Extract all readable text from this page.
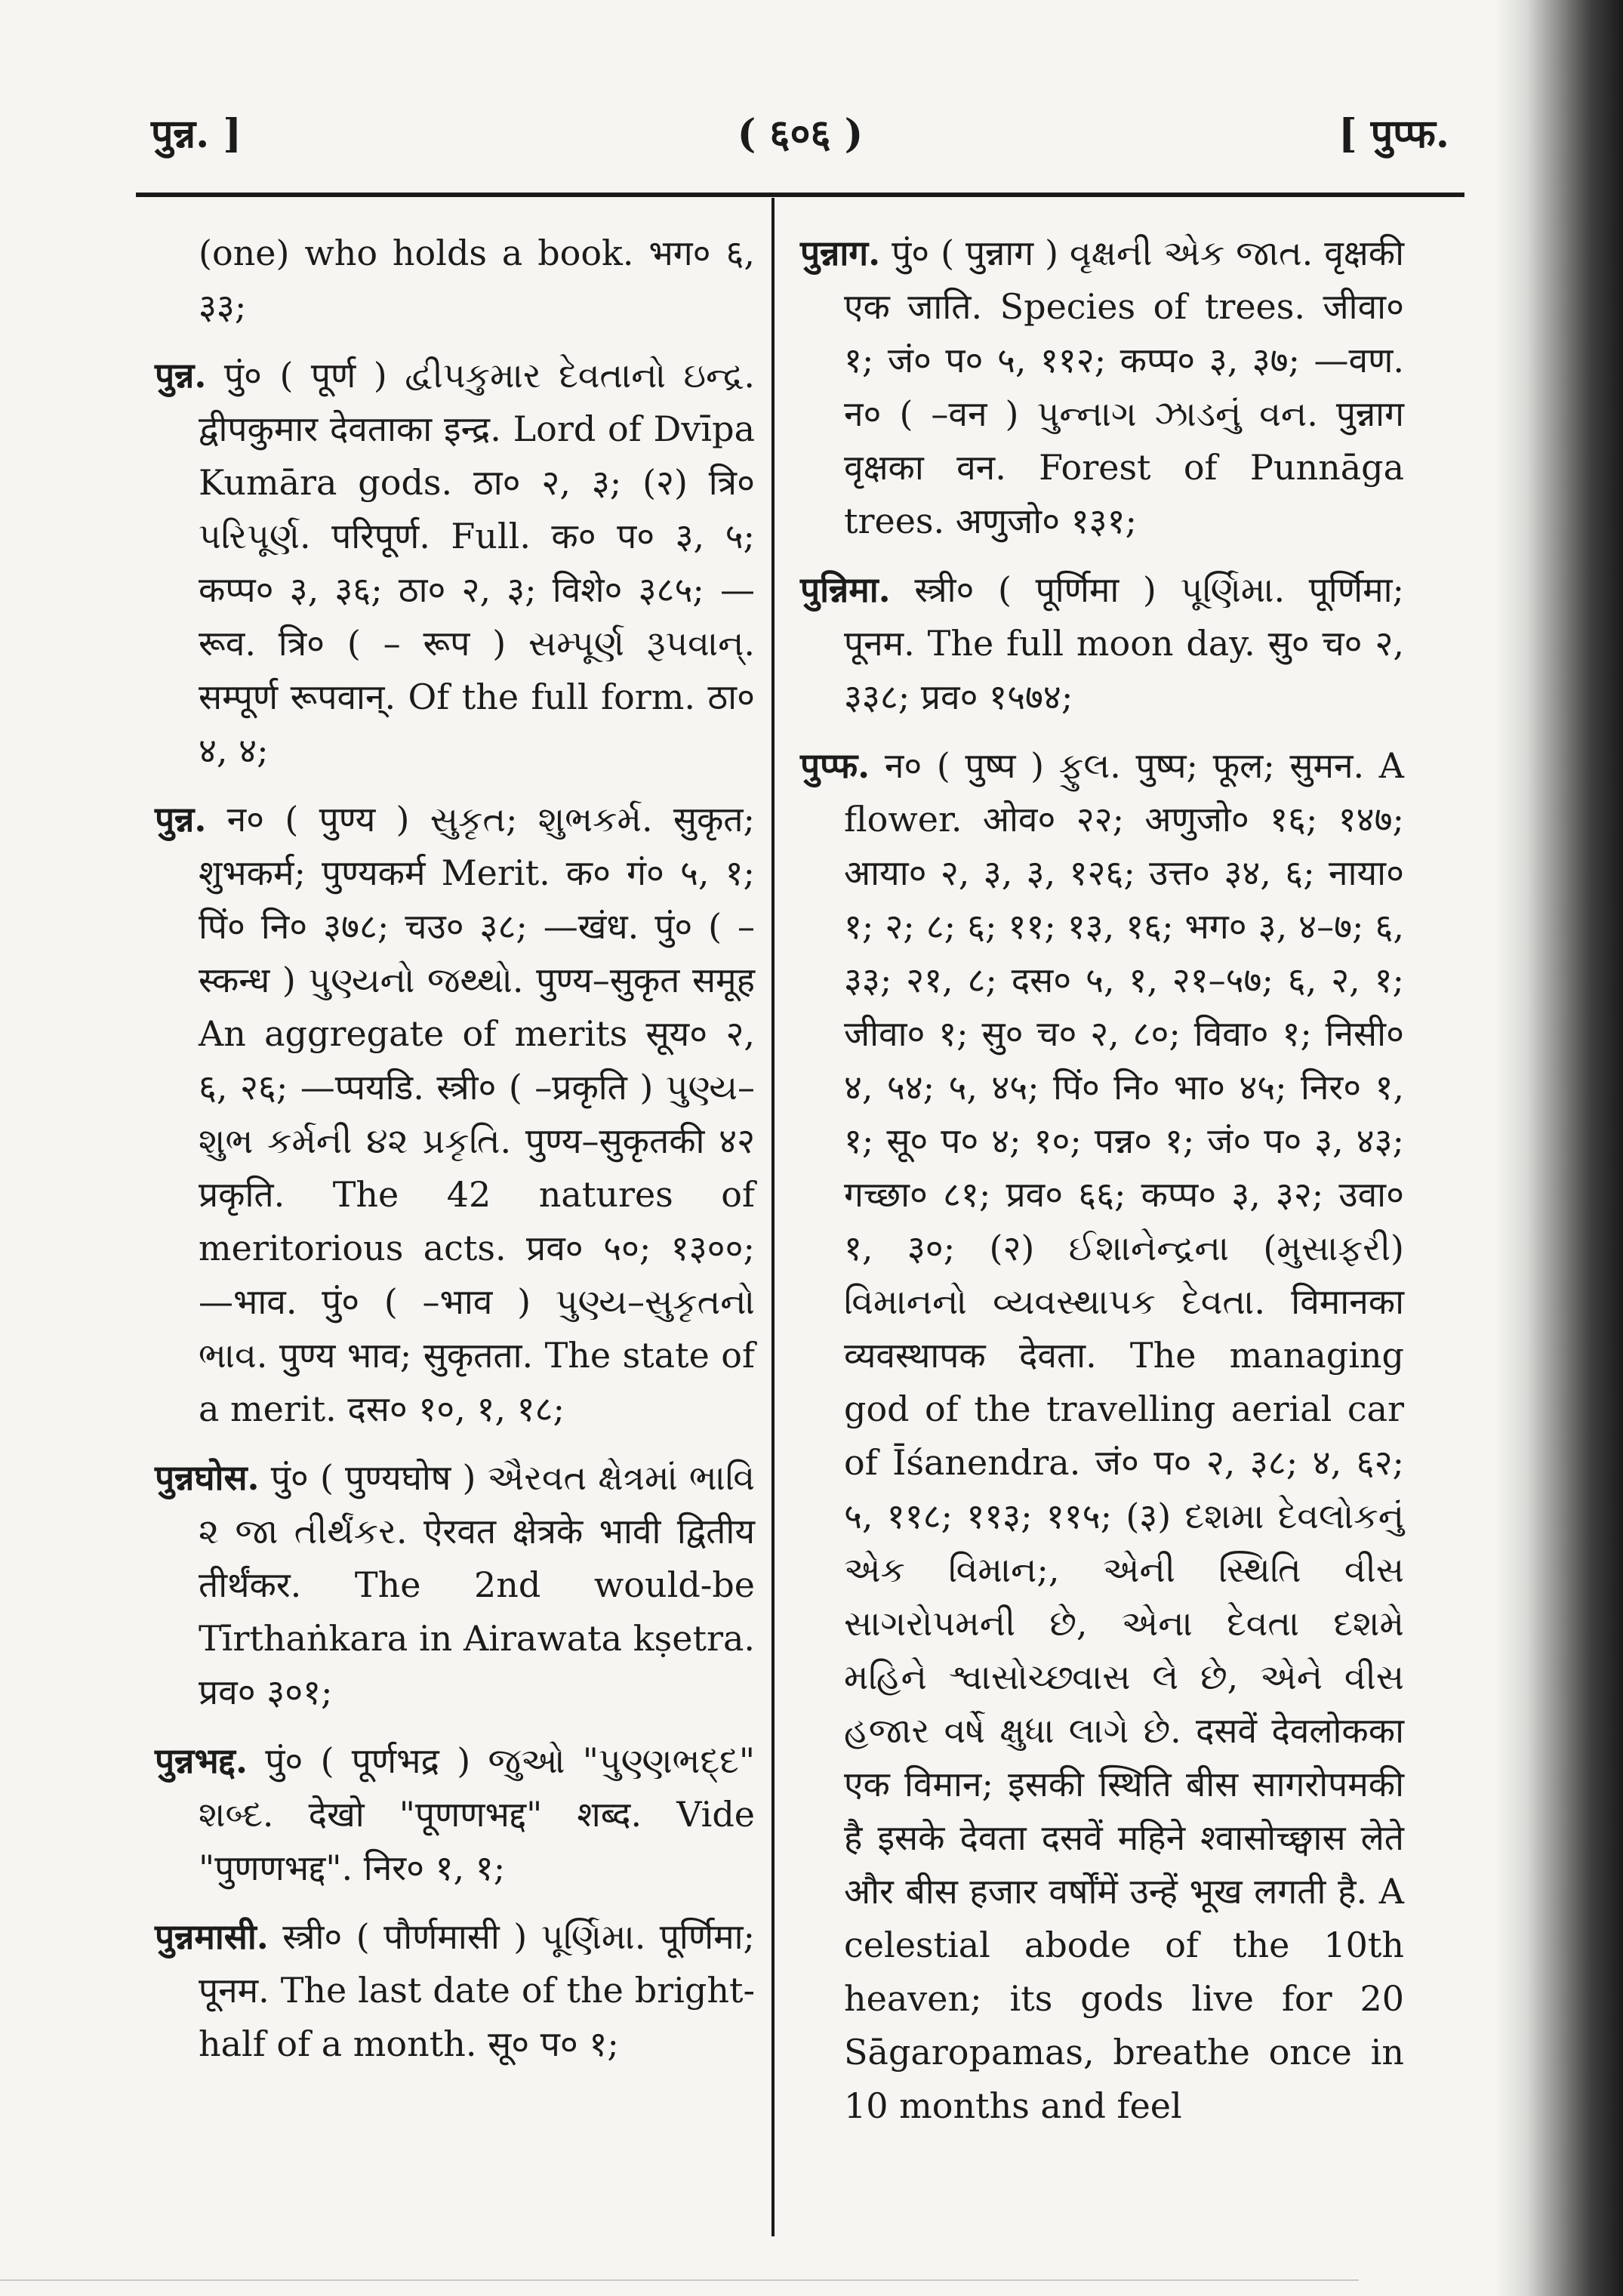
पुन्न. ]	( ६०६ )	[ पुप्फ.
(one) who holds a book. भग० ६, ३३;
पुन्न. पुं० ( पूर्ण ) દ્વીપકુમાર દેવતાનો ઇન્દ્ર. द्वीपकुमार देवताका इन्द्र. Lord of Dvīpa Kumāra gods. ठा० २, ३; (२) त्रि० પરિપૂર્ણ. परिपूर्ण. Full. क० प० ३, ५; कप्प० ३, ३६; ठा० २, ३; विशे० ३८५; —रूव. त्रि० ( – रूप ) સમ્પૂર્ણ રૂપવાન્. सम्पूर्ण रूपवान्. Of the full form. ठा० ४, ४;
पुन्न. न० ( पुण्य ) સુકૃત; શુભકર્મ. सुकृत; शुभकर्म; पुण्यकर्म Merit. क० गं० ५, १; पिं० नि० ३७८; चउ० ३८; —खंध. पुं० ( –स्कन्ध ) પુણ્યનો જથ્થો. पुण्य–सुकृत समूह An aggregate of merits सूय० २, ६, २६; —प्पयडि. स्त्री० ( –प्रकृति ) પુણ્ય–શુભ કર્મની ૪૨ પ્રકૃતિ. पुण्य–सुकृतकी ४२ प्रकृति. The 42 natures of meritorious acts. प्रव० ५०; १३००; —भाव. पुं० ( –भाव ) પુણ્ય–સુકૃતનો ભાવ. पुण्य भाव; सुकृतता. The state of a merit. दस० १०, १, १८;
पुन्नघोस. पुं० ( पुण्यघोष ) ઐરવત ક્ષેત્રમાં ભાવિ ૨ જા તીર્થંકર. ऐरवत क्षेत्रके भावी द्वितीय तीर्थंकर. The 2nd would-be Tīrthaṅkara in Airawata kṣetra. प्रव० ३०१;
पुन्नभद्द. पुं० ( पूर्णभद्र ) જુઓ "પુણ્ણભદ્દ" શબ્દ. देखो "पूणणभद्द" शब्द. Vide "पुणणभद्द". निर० १, १;
पुन्नमासी. स्त्री० ( पौर्णमासी ) પૂર્ણિમા. पूर्णिमा; पूनम. The last date of the bright-half of a month. सू० प० १;
पुन्नाग. पुं० ( पुन्नाग ) વૃક્ષની એક જાત. वृक्षकी एक जाति. Species of trees. जीवा० १; जं० प० ५, ११२; कप्प० ३, ३७; —वण. न० ( –वन ) પુન્નાગ ઝાડનું વન. पुन्नाग वृक्षका वन. Forest of Punnāga trees. अणुजो० १३१;
पुन्निमा. स्त्री० ( पूर्णिमा ) પૂર્ણિમા. पूर्णिमा; पूनम. The full moon day. सु० च० २, ३३८; प्रव० १५७४;
पुप्फ. न० ( पुष्प ) ફુલ. पुष्प; फूल; सुमन. A flower. ओव० २२; अणुजो० १६; १४७; आया० २, ३, ३, १२६; उत्त० ३४, ६; नाया० १; २; ८; ६; ११; १३, १६; भग० ३, ४–७; ६, ३३; २१, ८; दस० ५, १, २१–५७; ६, २, १; जीवा० १; सु० च० २, ८०; विवा० १; निसी० ४, ५४; ५, ४५; पिं० नि० भा० ४५; निर० १, १; सू० प० ४; १०; पन्न० १; जं० प० ३, ४३; गच्छा० ८१; प्रव० ६६; कप्प० ३, ३२; उवा० १, ३०; (२) ઈશાનેન્દ્રના (મુસાફરી) વિમાનનો વ્યવસ્થાપક દેવતા. विमानका व्यवस्थापक देवता. The managing god of the travelling aerial car of Īśanendra. जं० प० २, ३८; ४, ६२; ५, ११८; ११३; ११५; (३) દશમા દેવલોકનું એક વિમાન;, એની સ્થિતિ વીસ સાગરોપમની છે, એના દેવતા દશમે મહિને શ્વાસોચ્છ્વાસ લે છે, એને વીસ હજાર વર્ષે ક્ષુધા લાગે છે. दसवें देवलोकका एक विमान; इसकी स्थिति बीस सागरोपमकी है इसके देवता दसवें महिने श्वासोच्छ्वास लेते और बीस हजार वर्षोंमें उन्हें भूख लगती है. A celestial abode of the 10th heaven; its gods live for 20 Sāgaropamas, breathe once in 10 months and feel
